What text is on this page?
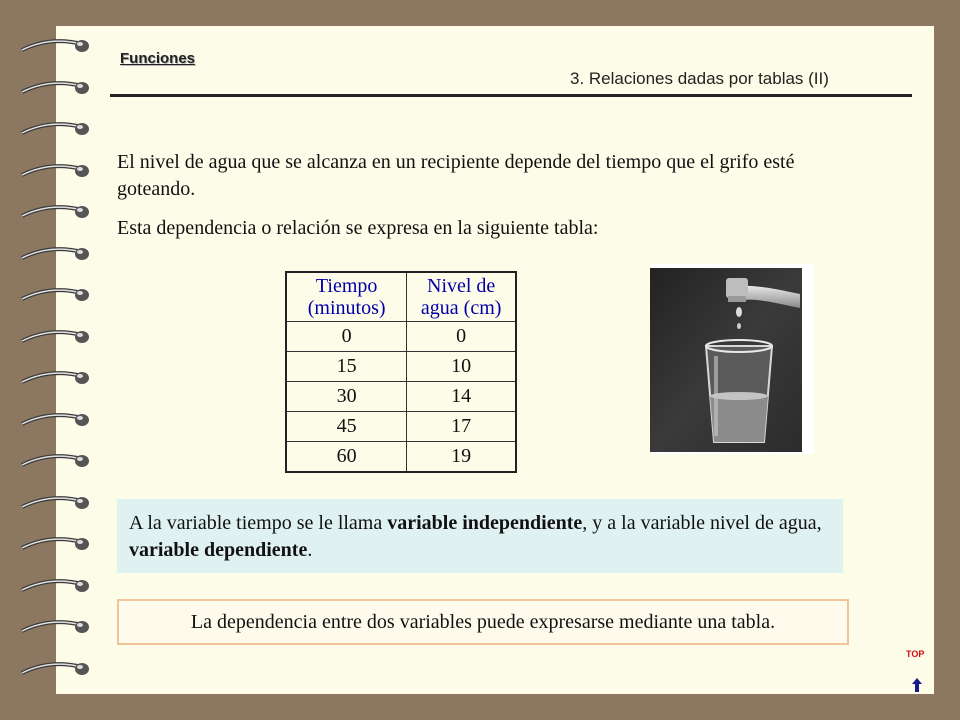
Funciones
3. Relaciones dadas por tablas (II)

El nivel de agua que se alcanza en un recipiente depende del tiempo que el grifo esté goteando.

Esta dependencia o relación se expresa en la siguiente tabla:

Tiempo (minutos)	Nivel de agua (cm)
0	0
15	10
30	14
45	17
60	19
A la variable tiempo se le llama variable independiente, y a la variable nivel de agua, variable dependiente.
La dependencia entre dos variables puede expresarse mediante una tabla.
TOP
